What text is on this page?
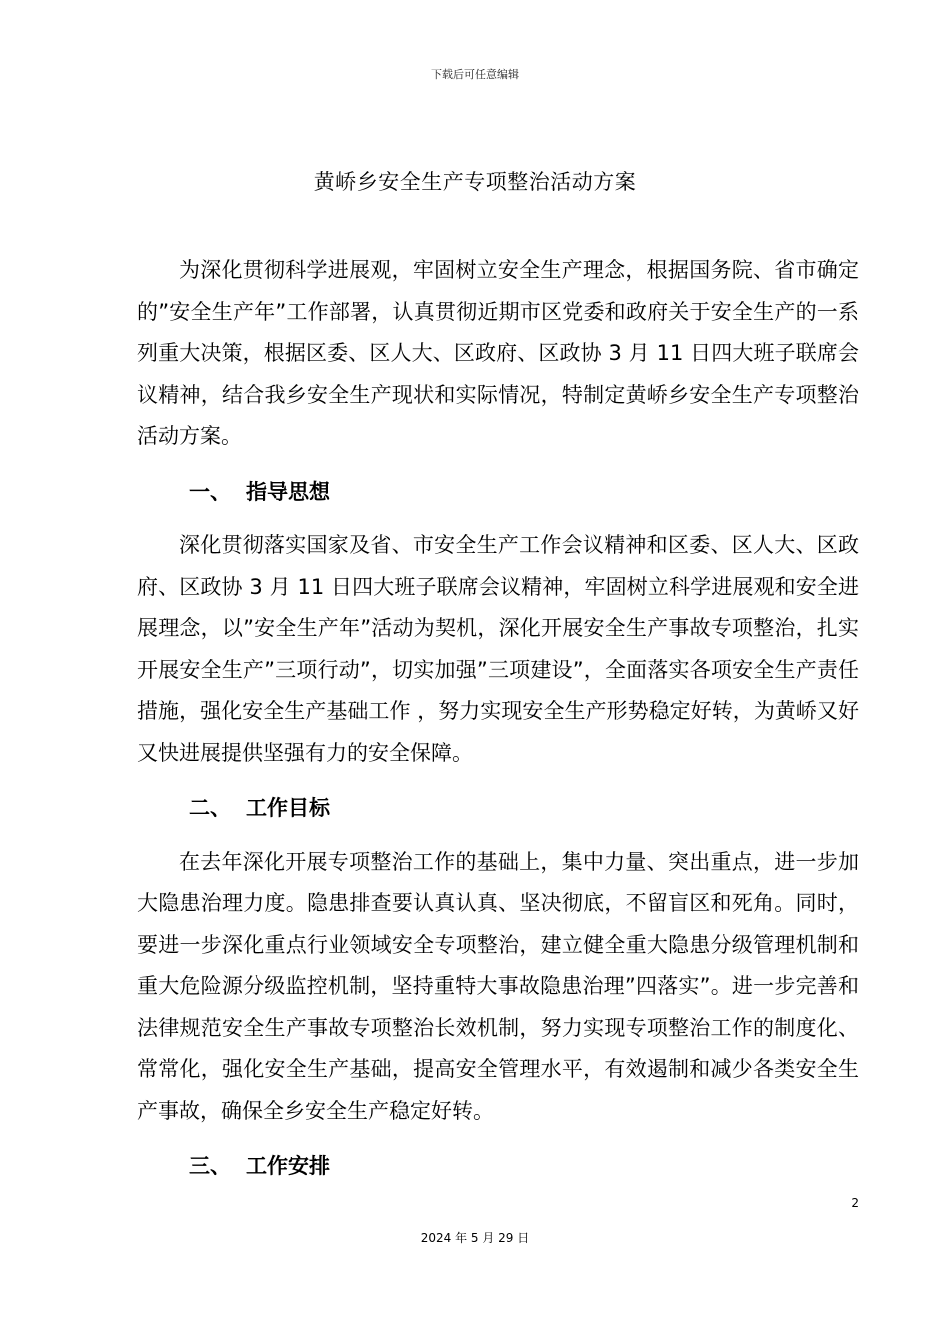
下载后可任意编辑
黄峤乡安全生产专项整治活动方案

为深化贯彻科学进展观，牢固树立安全生产理念，根据国务院、省市确定的”安全生产年”工作部署，认真贯彻近期市区党委和政府关于安全生产的一系列重大决策，根据区委、区人大、区政府、区政协 3 月 11 日四大班子联席会议精神，结合我乡安全生产现状和实际情况，特制定黄峤乡安全生产专项整治活动方案。

一、 指导思想

深化贯彻落实国家及省、市安全生产工作会议精神和区委、区人大、区政府、区政协 3 月 11 日四大班子联席会议精神，牢固树立科学进展观和安全进展理念，以”安全生产年”活动为契机，深化开展安全生产事故专项整治，扎实开展安全生产”三项行动”，切实加强”三项建设”，全面落实各项安全生产责任措施，强化安全生产基础工作 ，努力实现安全生产形势稳定好转，为黄峤又好又快进展提供坚强有力的安全保障。

二、 工作目标

在去年深化开展专项整治工作的基础上，集中力量、突出重点，进一步加大隐患治理力度。隐患排查要认真认真、坚决彻底，不留盲区和死角。同时，要进一步深化重点行业领域安全专项整治，建立健全重大隐患分级管理机制和重大危险源分级监控机制，坚持重特大事故隐患治理”四落实”。进一步完善和法律规范安全生产事故专项整治长效机制，努力实现专项整治工作的制度化、常常化，强化安全生产基础，提高安全管理水平，有效遏制和减少各类安全生产事故，确保全乡安全生产稳定好转。

三、 工作安排
2
2024 年 5 月 29 日
